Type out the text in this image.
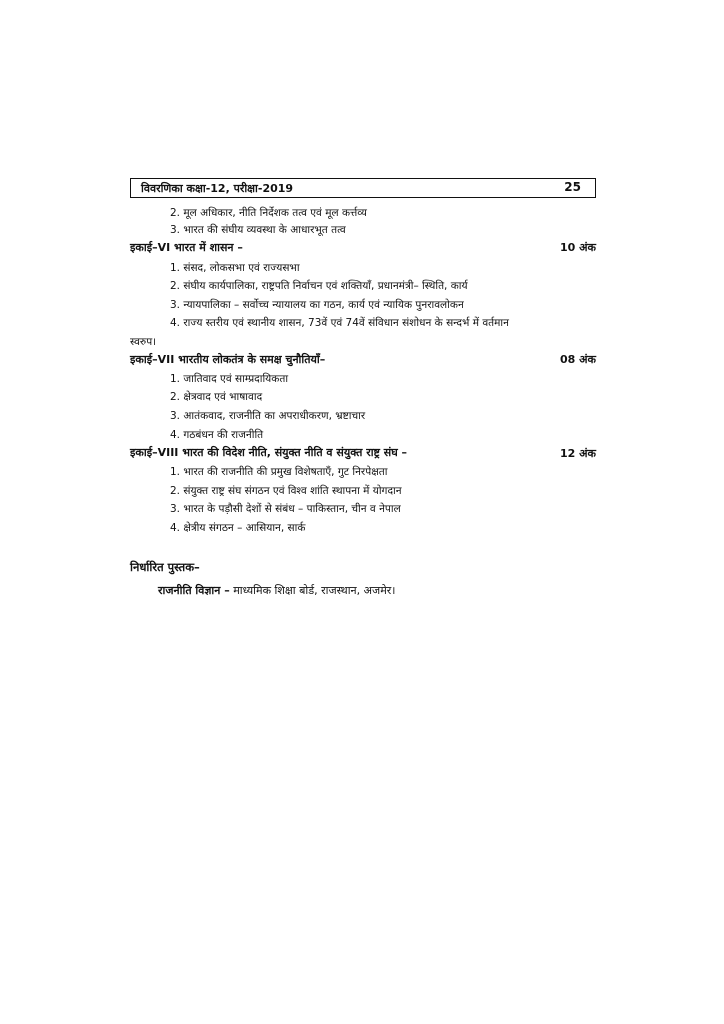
विवरणिका कक्षा-12, परीक्षा-2019	25
2. मूल अधिकार, नीति निर्देशक तत्व एवं मूल कर्त्तव्य
3. भारत की संघीय व्यवस्था के आधारभूत तत्व
इकाई–VI भारत में शासन –	10 अंक
1. संसद, लोकसभा एवं राज्यसभा
2. संघीय कार्यपालिका, राष्ट्रपति निर्वाचन एवं शक्तियाँ, प्रधानमंत्री– स्थिति, कार्य
3. न्यायपालिका – सर्वोच्च न्यायालय का गठन, कार्य एवं न्यायिक पुनरावलोकन
4. राज्य स्तरीय एवं स्थानीय शासन, 73वें एवं 74वें संविधान संशोधन के सन्दर्भ में वर्तमान
स्वरुप।
इकाई–VII भारतीय लोकतंत्र के समक्ष चुनौतियाँ–	08 अंक
1. जातिवाद एवं साम्प्रदायिकता
2. क्षेत्रवाद एवं भाषावाद
3. आतंकवाद, राजनीति का अपराधीकरण, भ्रष्टाचार
4. गठबंधन की राजनीति
इकाई–VIII भारत की विदेश नीति, संयुक्त नीति व संयुक्त राष्ट्र संघ –	12 अंक
1. भारत की राजनीति की प्रमुख विशेषताएँ, गुट निरपेक्षता
2. संयुक्त राष्ट्र संघ संगठन एवं विश्व शांति स्थापना में योगदान
3. भारत के पड़ौसी देशों से संबंध – पाकिस्तान, चीन व नेपाल
4. क्षेत्रीय संगठन – आसियान, सार्क
निर्धारित पुस्तक–
राजनीति विज्ञान – माध्यमिक शिक्षा बोर्ड, राजस्थान, अजमेर।
